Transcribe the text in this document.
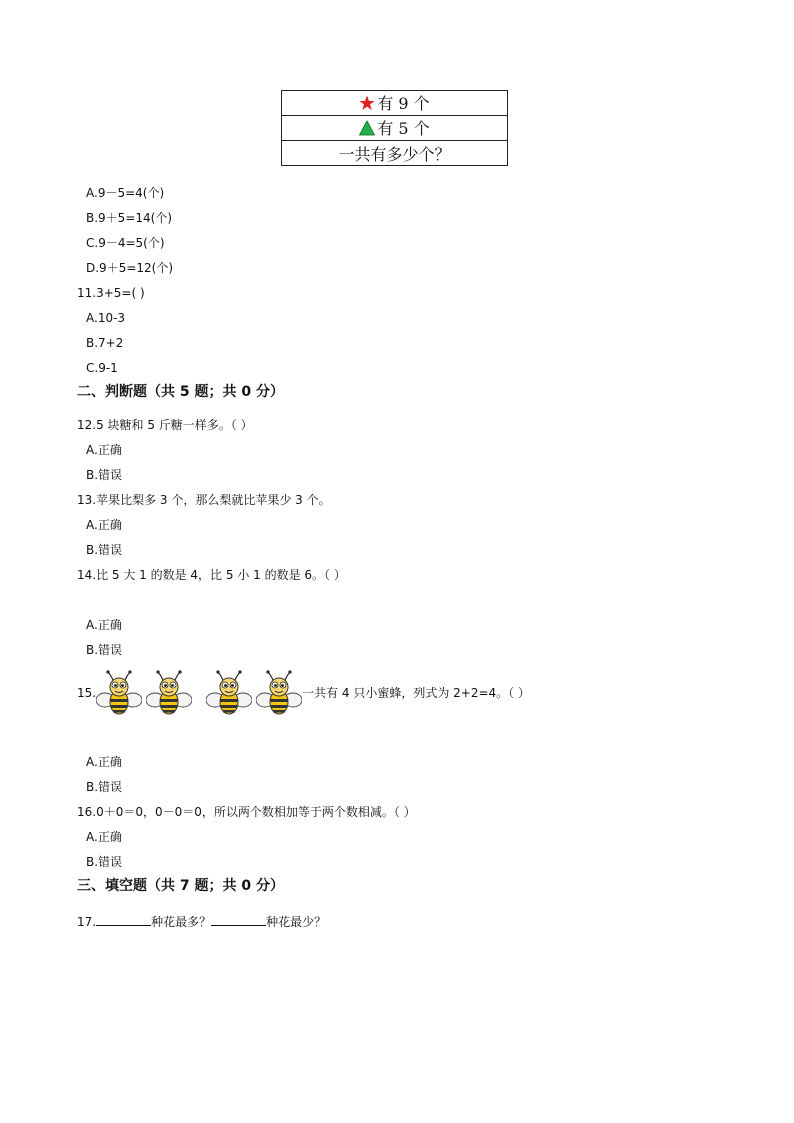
有 9 个

有 5 个

一共有多少个？
A.9－5=4(个)
B.9＋5=14(个)
C.9－4=5(个)
D.9＋5=12(个)
11.3+5=( )
A.10-3
B.7+2
C.9-1
二、判断题（共 5 题；共 0 分）
12.5 块糖和 5 斤糖一样多。（ ）
A.正确
B.错误
13.苹果比梨多 3 个，那么梨就比苹果少 3 个。
A.正确
B.错误
14.比 5 大 1 的数是 4，比 5 小 1 的数是 6。（ ）
A.正确
B.错误
15.	一共有 4 只小蜜蜂，列式为 2+2=4。（ ）
A.正确
B.错误
16.0＋0＝0，0－0＝0，所以两个数相加等于两个数相减。（ ）
A.正确
B.错误
三、填空题（共 7 题；共 0 分）
17.	种花最多？	种花最少？
